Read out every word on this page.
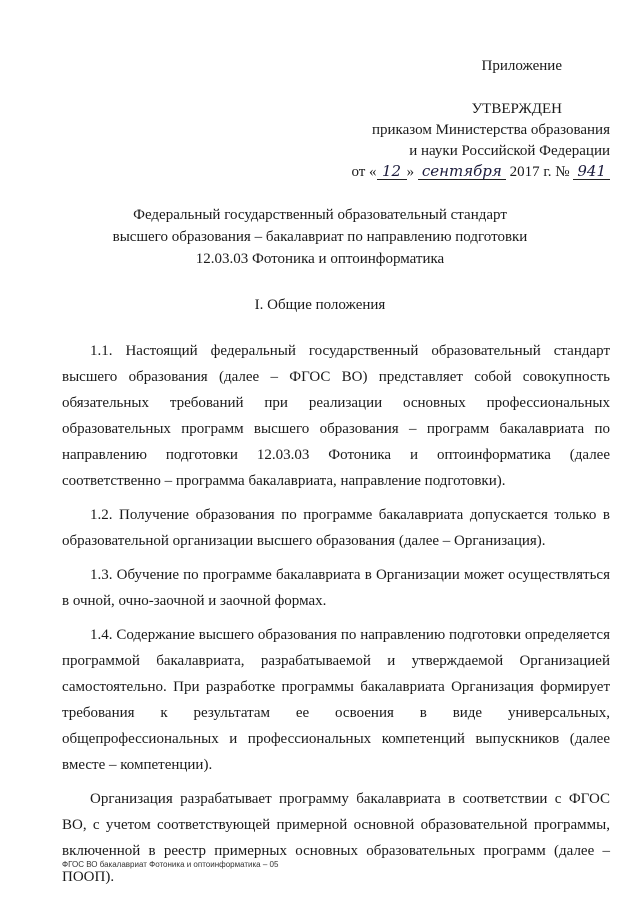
Приложение
УТВЕРЖДЕН
приказом Министерства образования
и науки Российской Федерации
от « 12 » сентября 2017 г. № 941
Федеральный государственный образовательный стандарт
высшего образования – бакалавриат по направлению подготовки
12.03.03 Фотоника и оптоинформатика
I. Общие положения

1.1. Настоящий федеральный государственный образовательный стандарт высшего образования (далее – ФГОС ВО) представляет собой совокупность обязательных требований при реализации основных профессиональных образовательных программ высшего образования – программ бакалавриата по направлению подготовки 12.03.03 Фотоника и оптоинформатика (далее соответственно – программа бакалавриата, направление подготовки).

1.2. Получение образования по программе бакалавриата допускается только в образовательной организации высшего образования (далее – Организация).

1.3. Обучение по программе бакалавриата в Организации может осуществляться в очной, очно-заочной и заочной формах.

1.4. Содержание высшего образования по направлению подготовки определяется программой бакалавриата, разрабатываемой и утверждаемой Организацией самостоятельно. При разработке программы бакалавриата Организация формирует требования к результатам ее освоения в виде универсальных, общепрофессиональных и профессиональных компетенций выпускников (далее вместе – компетенции).

Организация разрабатывает программу бакалавриата в соответствии с ФГОС ВО, с учетом соответствующей примерной основной образовательной программы, включенной в реестр примерных основных образовательных программ (далее – ПООП).

ФГОС ВО бакалавриат Фотоника и оптоинформатика – 05
